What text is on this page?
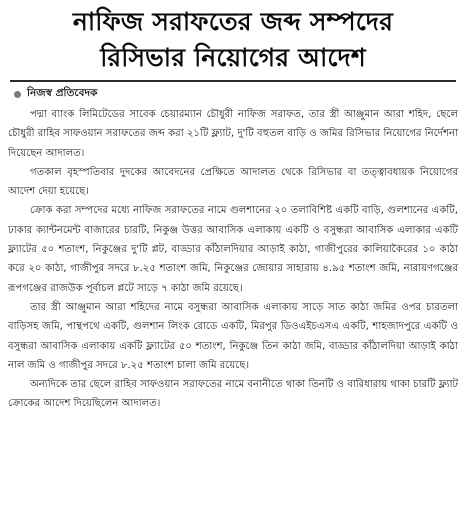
নাফিজ সরাফতের জব্দ সম্পদের
রিসিভার নিয়োগের আদেশ
নিজস্ব প্রতিবেদক

পদ্মা ব্যাংক লিমিটেডের সাবেক চেয়ারম্যান চৌধুরী নাফিজ সরাফত, তার স্ত্রী আঞ্জুমান আরা শহিদ, ছেলে চৌধুরী রাহিব সাফওয়ান সরাফতের জব্দ করা ২১টি ফ্ল্যাট, দু'টি বহুতল বাড়ি ও জমির রিসিভার নিয়োগের নির্দেশনা দিয়েছেন আদালত।

গতকাল বৃহস্পতিবার দুদকের আবেদনের প্রেক্ষিতে আদালত থেকে রিসিভার বা তত্ত্বাবধায়ক নিয়োগের আদেশ দেয়া হয়েছে।

ক্রোক করা সম্পদের মধ্যে নাফিজ সরাফতের নামে গুলশানের ২০ তলাবিশিষ্ট একটি বাড়ি, গুলশানের একটি, ঢাকার ক্যান্টনমেন্ট বাজারের চারটি, নিকুঞ্জ উত্তর আবাসিক এলাকায় একটি ও বসুন্ধরা আবাসিক এলাকার একটি ফ্ল্যাটের ৫০ শতাংশ, নিকুঞ্জের দু'টি প্লট, বাড্ডার কাঁঠালদিয়ার আড়াই কাঠা, গাজীপুরের কালিয়াকৈরের ১০ কাঠা করে ২০ কাঠা, গাজীপুর সদরে ৮.২৫ শতাংশ জমি, নিকুঞ্জের জোয়ার সাহারায় ৪.৯৫ শতাংশ জমি, নারায়ণগঞ্জের রূপগঞ্জের রাজউক পূর্বাচল প্লটে সাড়ে ৭ কাঠা জমি রয়েছে।

তার স্ত্রী আঞ্জুমান আরা শহিদের নামে বসুন্ধরা আবাসিক এলাকায় সাড়ে সাত কাঠা জমির ওপর চারতলা বাড়িসহ জমি, পান্থপথে একটি, গুলশান লিংক রোডে একটি, মিরপুর ডিওএইচএসএ একটি, শাহজাদপুরে একটি ও বসুন্ধরা আবাসিক এলাকায় একটি ফ্ল্যাটের ৫০ শতাংশ, নিকুঞ্জে তিন কাঠা জমি, বাড্ডার কাঁঠালদিয়া আড়াই কাঠা নাল জমি ও গাজীপুর সদরে ৮.২৫ শতাংশ চালা জমি রয়েছে।

অন্যদিকে তার ছেলে রাহিব সাফওয়ান সরাফতের নামে বনানীতে থাকা তিনটি ও বারিধারায় থাকা চারটি ফ্ল্যাট ক্রোকের আদেশ দিয়েছিলেন আদালত।
